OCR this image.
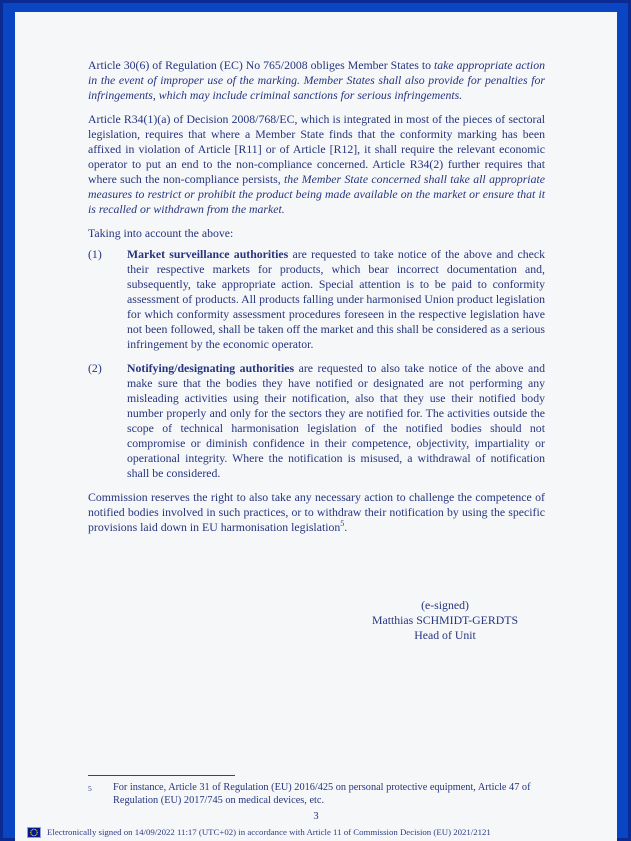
Article 30(6) of Regulation (EC) No 765/2008 obliges Member States to take appropriate action in the event of improper use of the marking. Member States shall also provide for penalties for infringements, which may include criminal sanctions for serious infringements.

Article R34(1)(a) of Decision 2008/768/EC, which is integrated in most of the pieces of sectoral legislation, requires that where a Member State finds that the conformity marking has been affixed in violation of Article [R11] or of Article [R12], it shall require the relevant economic operator to put an end to the non-compliance concerned. Article R34(2) further requires that where such the non-compliance persists, the Member State concerned shall take all appropriate measures to restrict or prohibit the product being made available on the market or ensure that it is recalled or withdrawn from the market.

Taking into account the above:

(1)	Market surveillance authorities are requested to take notice of the above and check their respective markets for products, which bear incorrect documentation and, subsequently, take appropriate action. Special attention is to be paid to conformity assessment of products. All products falling under harmonised Union product legislation for which conformity assessment procedures foreseen in the respective legislation have not been followed, shall be taken off the market and this shall be considered as a serious infringement by the economic operator.
(2)	Notifying/designating authorities are requested to also take notice of the above and make sure that the bodies they have notified or designated are not performing any misleading activities using their notification, also that they use their notified body number properly and only for the sectors they are notified for. The activities outside the scope of technical harmonisation legislation of the notified bodies should not compromise or diminish confidence in their competence, objectivity, impartiality or operational integrity. Where the notification is misused, a withdrawal of notification shall be considered.

Commission reserves the right to also take any necessary action to challenge the competence of notified bodies involved in such practices, or to withdraw their notification by using the specific provisions laid down in EU harmonisation legislation$^5$.

(e-signed)
Matthias SCHMIDT-GERDTS
Head of Unit
5	For instance, Article 31 of Regulation (EU) 2016/425 on personal protective equipment, Article 47 of Regulation (EU) 2017/745 on medical devices, etc.
3
Electronically signed on 14/09/2022 11:17 (UTC+02) in accordance with Article 11 of Commission Decision (EU) 2021/2121
